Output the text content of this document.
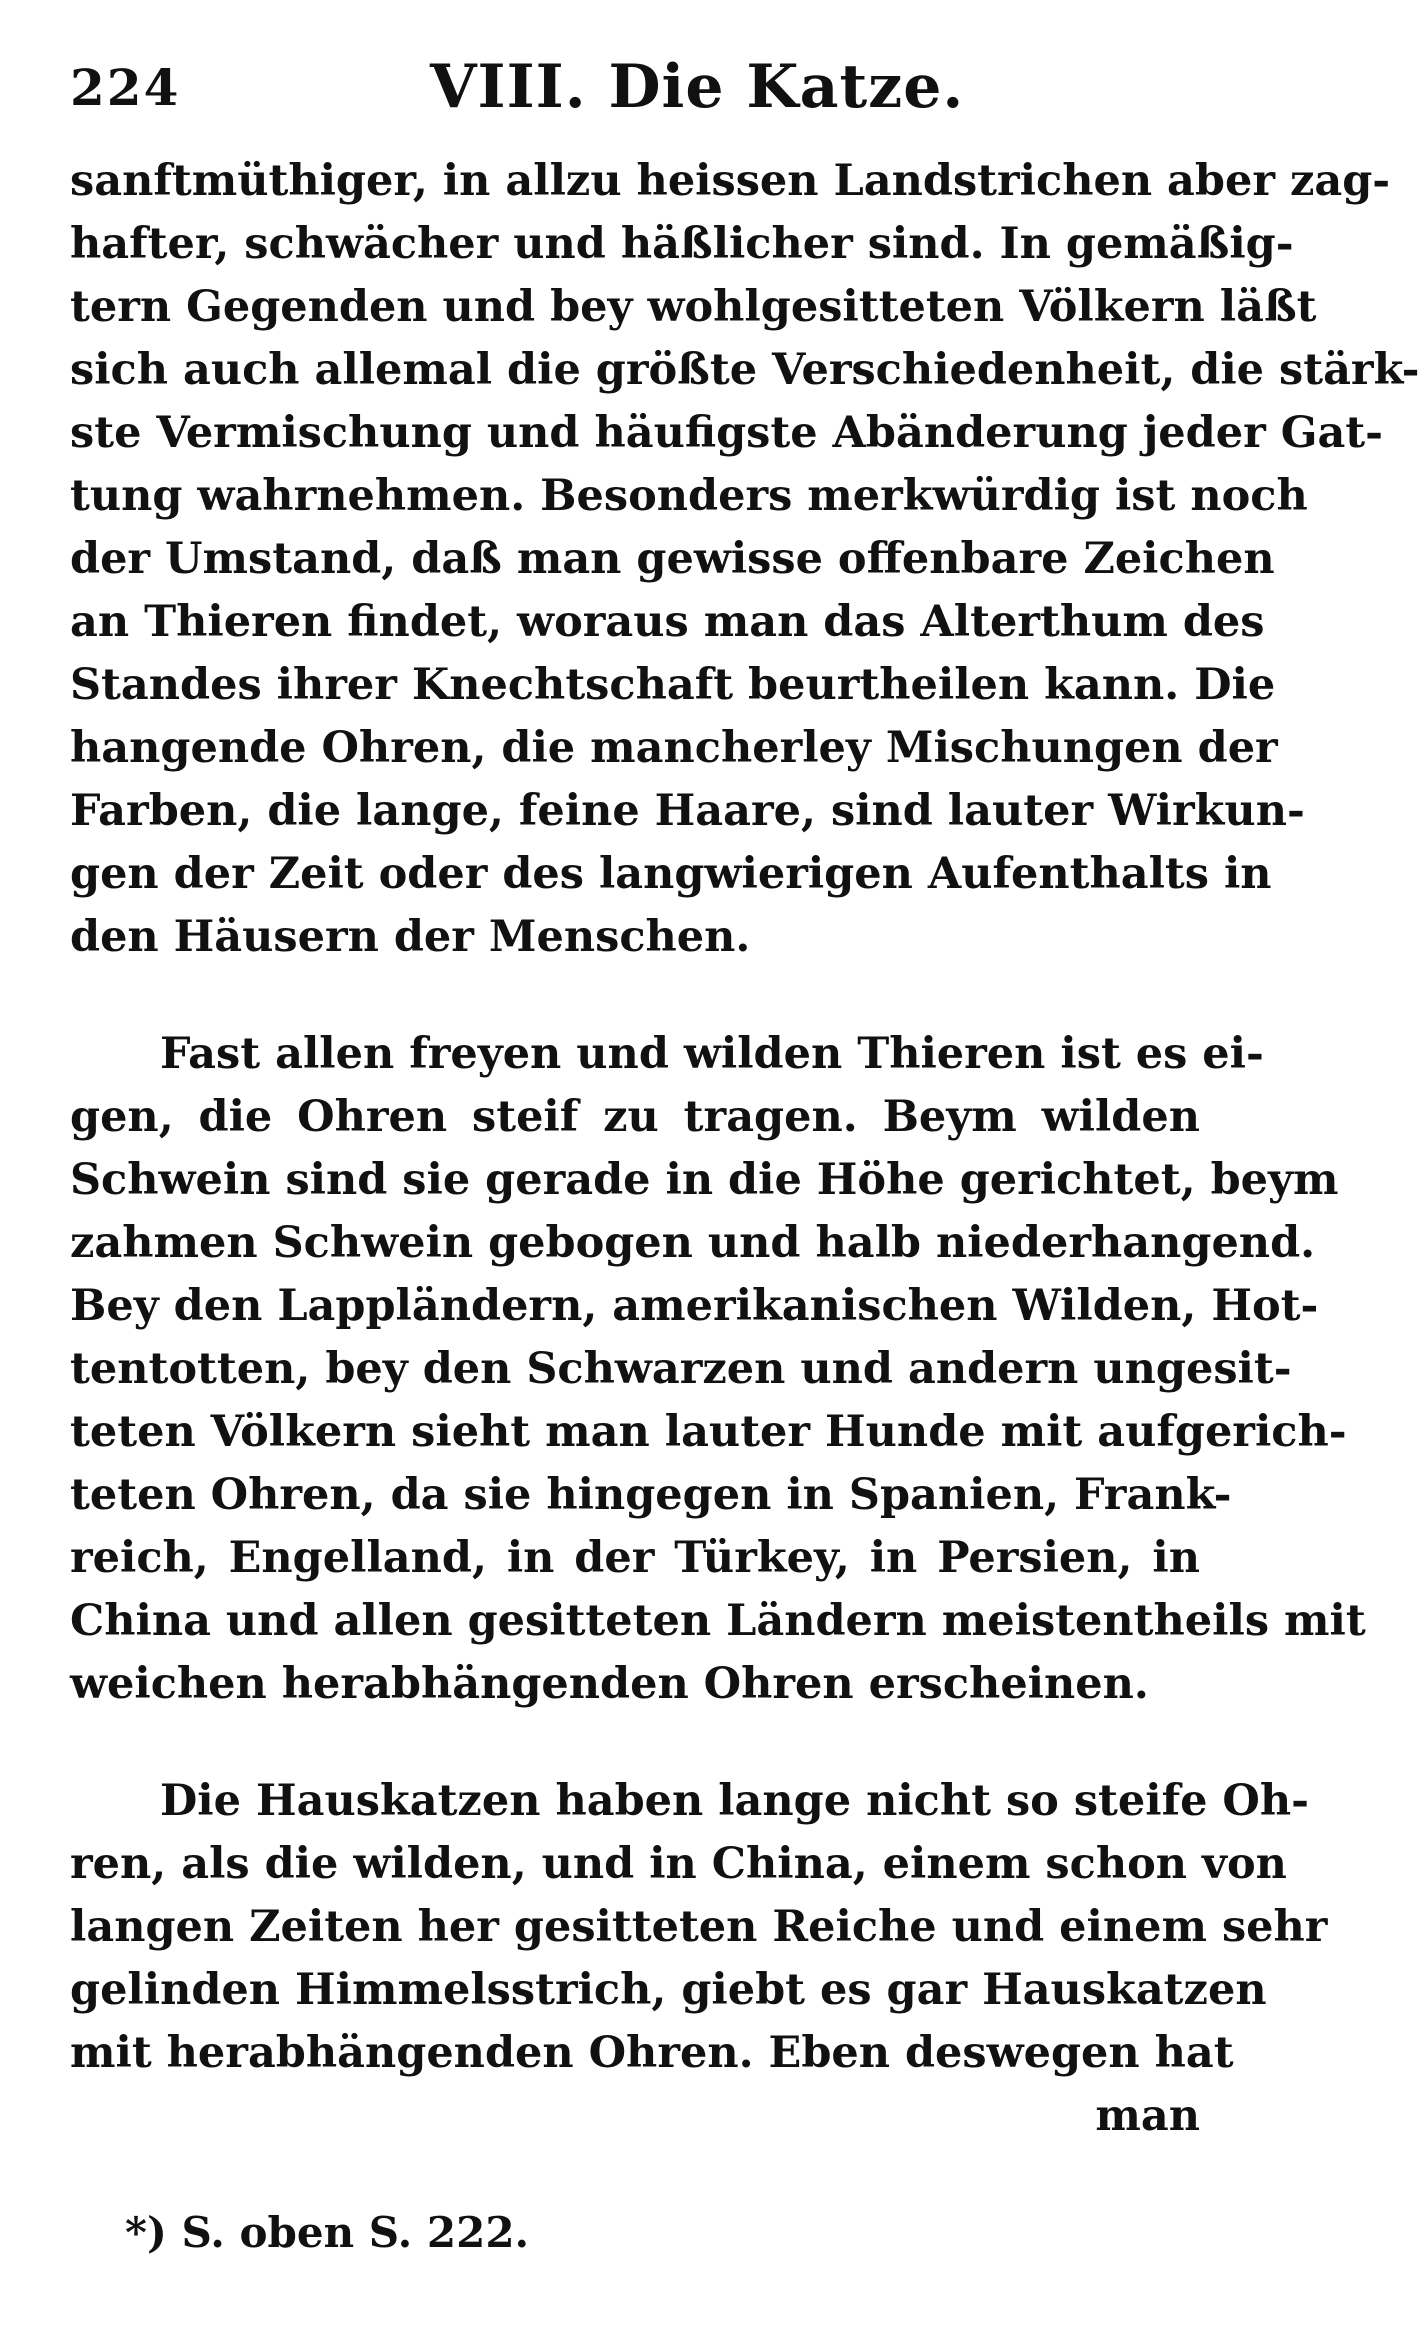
224	VIII. Die Katze.
sanftmüthiger, in allzu heissen Landstrichen aber zag-
hafter, schwächer und häßlicher sind. In gemäßig-
tern Gegenden und bey wohlgesitteten Völkern läßt
sich auch allemal die größte Verschiedenheit, die stärk-
ste Vermischung und häufigste Abänderung jeder Gat-
tung wahrnehmen. Besonders merkwürdig ist noch
der Umstand, daß man gewisse offenbare Zeichen
an Thieren findet, woraus man das Alterthum des
Standes ihrer Knechtschaft beurtheilen kann. Die
hangende Ohren, die mancherley Mischungen der
Farben, die lange, feine Haare, sind lauter Wirkun-
gen der Zeit oder des langwierigen Aufenthalts in
den Häusern der Menschen.
Fast allen freyen und wilden Thieren ist es ei-
gen, die Ohren steif zu tragen. Beym wilden
Schwein sind sie gerade in die Höhe gerichtet, beym
zahmen Schwein gebogen und halb niederhangend.
Bey den Lappländern, amerikanischen Wilden, Hot-
tentotten, bey den Schwarzen und andern ungesit-
teten Völkern sieht man lauter Hunde mit aufgerich-
teten Ohren, da sie hingegen in Spanien, Frank-
reich, Engelland, in der Türkey, in Persien, in
China und allen gesitteten Ländern meistentheils mit
weichen herabhängenden Ohren erscheinen.
Die Hauskatzen haben lange nicht so steife Oh-
ren, als die wilden, und in China, einem schon von
langen Zeiten her gesitteten Reiche und einem sehr
gelinden Himmelsstrich, giebt es gar Hauskatzen
mit herabhängenden Ohren. Eben deswegen hat
man
*) S. oben S. 222.
